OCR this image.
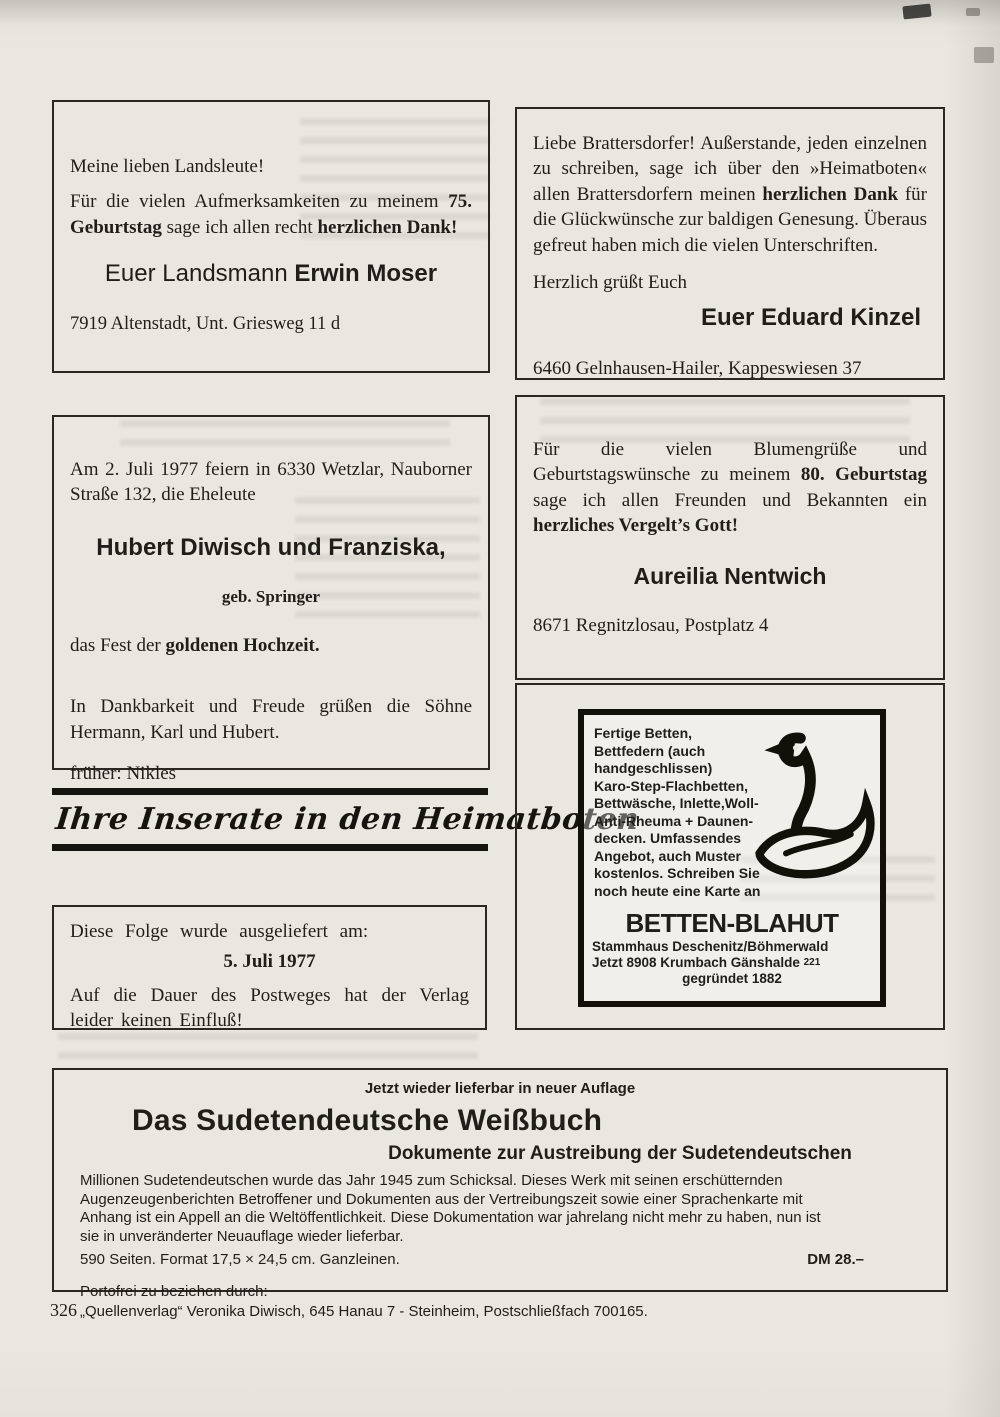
Meine lieben Landsleute!

Für die vielen Aufmerksamkeiten zu meinem 75. Geburtstag sage ich allen recht herzlichen Dank!

Euer Landsmann Erwin Moser

7919 Altenstadt, Unt. Griesweg 11 d

Liebe Brattersdorfer! Außerstande, jeden einzelnen zu schreiben, sage ich über den »Heimatboten« allen Brattersdorfern meinen herzlichen Dank für die Glückwünsche zur baldigen Genesung. Überaus gefreut haben mich die vielen Unterschriften.

Herzlich grüßt Euch

Euer Eduard Kinzel

6460 Gelnhausen-Hailer, Kappeswiesen 37

Am 2. Juli 1977 feiern in 6330 Wetzlar, Nauborner Straße 132, die Eheleute

Hubert Diwisch und Franziska,

geb. Springer

das Fest der goldenen Hochzeit.

In Dankbarkeit und Freude grüßen die Söhne Hermann, Karl und Hubert.

früher: Nikles

Für die vielen Blumengrüße und Geburtstagswünsche zu meinem 80. Geburtstag sage ich allen Freunden und Bekannten ein herzliches Vergelt’s Gott!

Aureilia Nentwich

8671 Regnitzlosau, Postplatz 4

Ihre Inserate in den Heimatboten

Diese Folge wurde ausgeliefert am:

5. Juli 1977

Auf die Dauer des Postweges hat der Verlag leider keinen Einfluß!

Fertige Betten,
Bettfedern (auch
handgeschlissen)
Karo-Step-Flachbetten,
Bettwäsche, Inlette,Woll-
Anti-Rheuma + Daunen-
decken. Umfassendes
Angebot, auch Muster
kostenlos. Schreiben Sie
noch heute eine Karte an
BETTEN-BLAHUT
Stammhaus Deschenitz/Böhmerwald
Jetzt 8908 Krumbach Gänshalde $^{221}$
gegründet 1882
Jetzt wieder lieferbar in neuer Auflage
Das Sudetendeutsche Weißbuch
Dokumente zur Austreibung der Sudetendeutschen
Millionen Sudetendeutschen wurde das Jahr 1945 zum Schicksal. Dieses Werk mit seinen erschütternden Augenzeugenberichten Betroffener und Dokumenten aus der Vertreibungszeit sowie einer Sprachenkarte mit Anhang ist ein Appell an die Weltöffentlichkeit. Diese Dokumentation war jahrelang nicht mehr zu haben, nun ist sie in unveränderter Neuauflage wieder lieferbar.
590 Seiten. Format 17,5 × 24,5 cm. Ganzleinen.	DM 28.–
Portofrei zu beziehen durch:
„Quellenverlag“ Veronika Diwisch, 645 Hanau 7 - Steinheim, Postschließfach 700165.
326
